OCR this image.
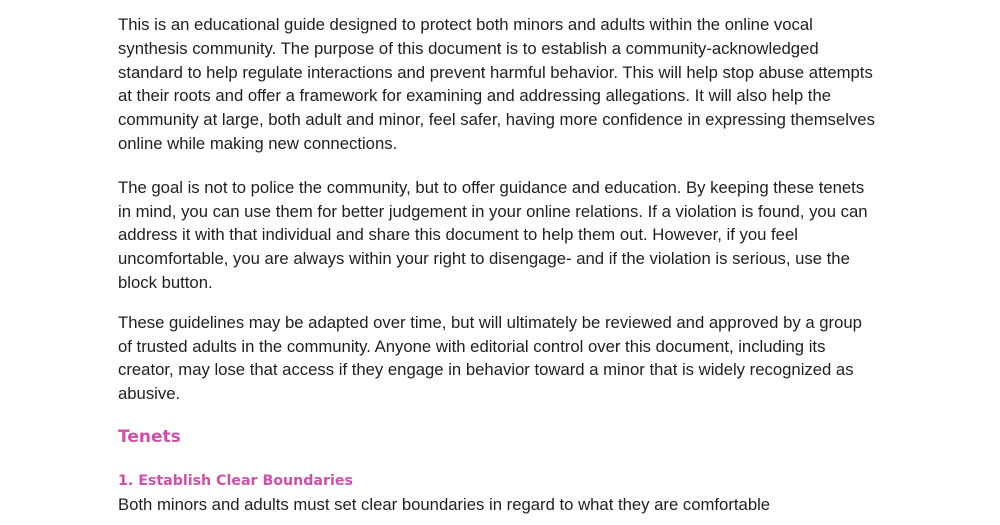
This is an educational guide designed to protect both minors and adults within the online vocal synthesis community. The purpose of this document is to establish a community-acknowledged standard to help regulate interactions and prevent harmful behavior. This will help stop abuse attempts at their roots and offer a framework for examining and addressing allegations. It will also help the community at large, both adult and minor, feel safer, having more confidence in expressing themselves online while making new connections.

The goal is not to police the community, but to offer guidance and education. By keeping these tenets in mind, you can use them for better judgement in your online relations. If a violation is found, you can address it with that individual and share this document to help them out. However, if you feel uncomfortable, you are always within your right to disengage- and if the violation is serious, use the block button.

These guidelines may be adapted over time, but will ultimately be reviewed and approved by a group of trusted adults in the community. Anyone with editorial control over this document, including its creator, may lose that access if they engage in behavior toward a minor that is widely recognized as abusive.

Tenets
1. Establish Clear Boundaries

Both minors and adults must set clear boundaries in regard to what they are comfortable
